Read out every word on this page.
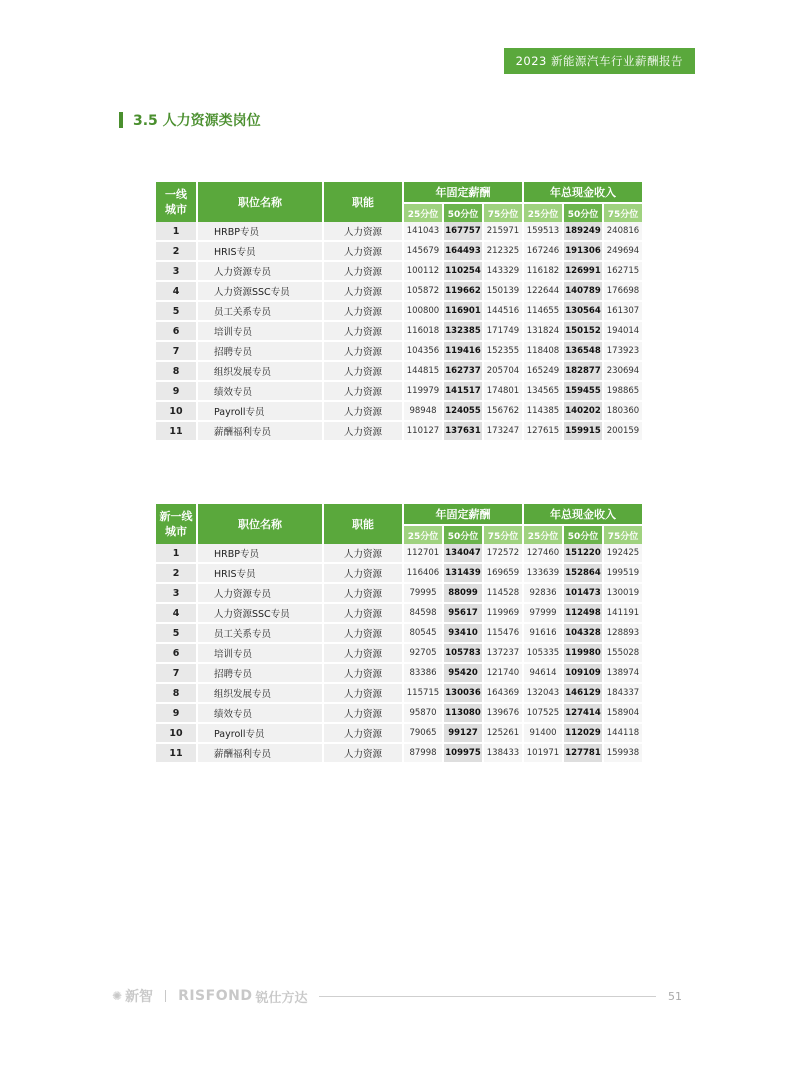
2023 新能源汽车行业薪酬报告
3.5 人力资源类岗位
一线
城市	职位名称	职能	年固定薪酬			年总现金收入		
			25分位	50分位	75分位	25分位	50分位	75分位
1	HRBP专员	人力资源	141043	167757	215971	159513	189249	240816
2	HRIS专员	人力资源	145679	164493	212325	167246	191306	249694
3	人力资源专员	人力资源	100112	110254	143329	116182	126991	162715
4	人力资源SSC专员	人力资源	105872	119662	150139	122644	140789	176698
5	员工关系专员	人力资源	100800	116901	144516	114655	130564	161307
6	培训专员	人力资源	116018	132385	171749	131824	150152	194014
7	招聘专员	人力资源	104356	119416	152355	118408	136548	173923
8	组织发展专员	人力资源	144815	162737	205704	165249	182877	230694
9	绩效专员	人力资源	119979	141517	174801	134565	159455	198865
10	Payroll专员	人力资源	98948	124055	156762	114385	140202	180360
11	薪酬福利专员	人力资源	110127	137631	173247	127615	159915	200159
新一线
城市	职位名称	职能	年固定薪酬			年总现金收入		
			25分位	50分位	75分位	25分位	50分位	75分位
1	HRBP专员	人力资源	112701	134047	172572	127460	151220	192425
2	HRIS专员	人力资源	116406	131439	169659	133639	152864	199519
3	人力资源专员	人力资源	79995	88099	114528	92836	101473	130019
4	人力资源SSC专员	人力资源	84598	95617	119969	97999	112498	141191
5	员工关系专员	人力资源	80545	93410	115476	91616	104328	128893
6	培训专员	人力资源	92705	105783	137237	105335	119980	155028
7	招聘专员	人力资源	83386	95420	121740	94614	109109	138974
8	组织发展专员	人力资源	115715	130036	164369	132043	146129	184337
9	绩效专员	人力资源	95870	113080	139676	107525	127414	158904
10	Payroll专员	人力资源	79065	99127	125261	91400	112029	144118
11	薪酬福利专员	人力资源	87998	109975	138433	101971	127781	159938
✺ 新智 RISFOND 锐仕方达	51
